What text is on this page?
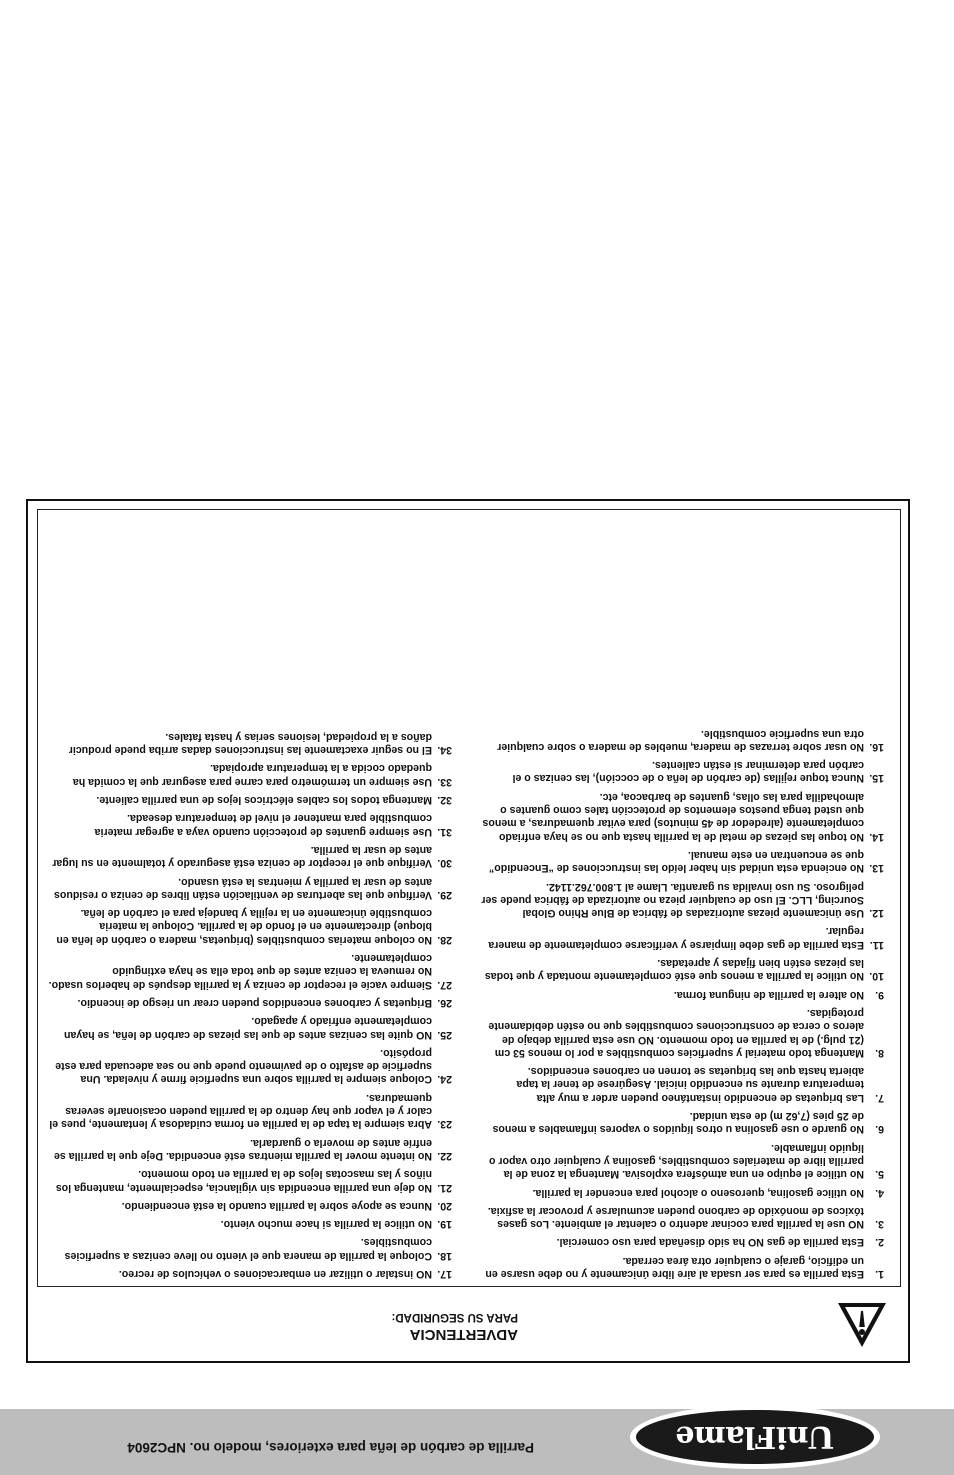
UniFlame
Parrilla de carbón de leña para exteriores, modelo no. NPC2604
ADVERTENCIA
PARA SU SEGURIDAD:
1.
Esta parrilla es para ser usada al aire libre únicamente y no debe usarse en un edificio, garaje o cualquier otra área cerrada.
2.
Esta parrilla de gas NO ha sido diseñada para uso comercial.
3.
NO use la parrilla para cocinar adentro o calentar el ambiente. Los gases tóxicos de monóxido de carbono pueden acumularse y provocar la asfixia.
4.
No utilice gasolina, queroseno o alcohol para encender la parrilla.
5.
No utilice el equipo en una atmósfera explosiva. Mantenga la zona de la parrilla libre de materiales combustibles, gasolina y cualquier otro vapor o líquido inflamable.
6.
No guarde o use gasolina u otros líquidos o vapores inflamables a menos de 25 pies (7,62 m) de esta unidad.
7.
Las briquetas de encendido instantáneo pueden arder a muy alta temperatura durante su encendido inicial. Asegúrese de tener la tapa abierta hasta que las briquetas se tornen en carbones encendidos.
8.
Mantenga todo material y superficies combustibles a por lo menos 53 cm (21 pulg.) de la parrilla en todo momento. NO use esta parrilla debajo de aleros o cerca de construcciones combustibles que no estén debidamente protegidas.
9.
No altere la parrilla de ninguna forma.
10.
No utilice la parrilla a menos que esté completamente montada y que todas las piezas estén bien fijadas y apretadas.
11.
Esta parrilla de gas debe limpiarse y verificarse completamente de manera regular.
12.
Use únicamente piezas autorizadas de fábrica de Blue Rhino Global Sourcing, LLC. El uso de cualquier pieza no autorizada de fábrica puede ser peligroso. Su uso invalida su garantía. Llame al 1.800.762.1142.
13.
No encienda esta unidad sin haber leído las instrucciones de “Encendido” que se encuentran en este manual.
14.
No toque las piezas de metal de la parrilla hasta que no se haya enfriado completamente (alrededor de 45 minutos) para evitar quemaduras, a menos que usted tenga puestos elementos de protección tales como guantes o almohadilla para las ollas, guantes de barbacoa, etc.
15.
Nunca toque rejillas (de carbón de leña o de cocción), las cenizas o el carbón para determinar si están calientes.
16.
No usar sobre terrazas de madera, muebles de madera o sobre cualquier otra una superficie combustible.
17.
NO instalar o utilizar en embarcaciones o vehículos de recreo.
18.
Coloque la parrilla de manera que el viento no lleve cenizas a superficies combustibles.
19.
No utilice la parrilla si hace mucho viento.
20.
Nunca se apoye sobre la parrilla cuando la está encendiendo.
21.
No deje una parrilla encendida sin vigilancia, especialmente, mantenga los niños y las mascotas lejos de la parrilla en todo momento.
22.
No intente mover la parrilla mientras esté encendida. Deje que la parrilla se enfríe antes de moverla o guardarla.
23.
Abra siempre la tapa de la parrilla en forma cuidadosa y lentamente, pues el calor y el vapor que hay dentro de la parrilla pueden ocasionarle severas quemaduras.
24.
Coloque siempre la parrilla sobre una superficie firme y nivelada. Una superficie de asfalto o de pavimento puede que no sea adecuada para este propósito.
25.
NO quite las cenizas antes de que las piezas de carbón de leña, se hayan completamente enfriado y apagado.
26.
Briquetas y carbones encendidos pueden crear un riesgo de incendio.
27.
Siempre vacíe el receptor de ceniza y la parrilla después de haberlos usado. No remueva la ceniza antes de que toda ella se haya extinguido completamente.
28.
No coloque materias combustibles (briquetas, madera o carbón de leña en bloque) directamente en el fondo de la parrilla. Coloque la materia combustible únicamente en la rejilla y bandeja para el carbón de leña.
29.
Verifique que las aberturas de ventilación están libres de ceniza o residuos antes de usar la parrilla y mientras la está usando.
30.
Verifique que el receptor de ceniza está asegurado y totalmente en su lugar antes de usar la parrilla.
31.
Use siempre guantes de protección cuando vaya a agregar materia combustible para mantener el nivel de temperatura deseada.
32.
Mantenga todos los cables eléctricos lejos de una parrilla caliente.
33.
Use siempre un termómetro para carne para asegurar que la comida ha quedado cocida a la temperatura apropiada.
34.
El no seguir exactamente las instrucciones dadas arriba puede producir daños a la propiedad, lesiones serias y hasta fatales.
